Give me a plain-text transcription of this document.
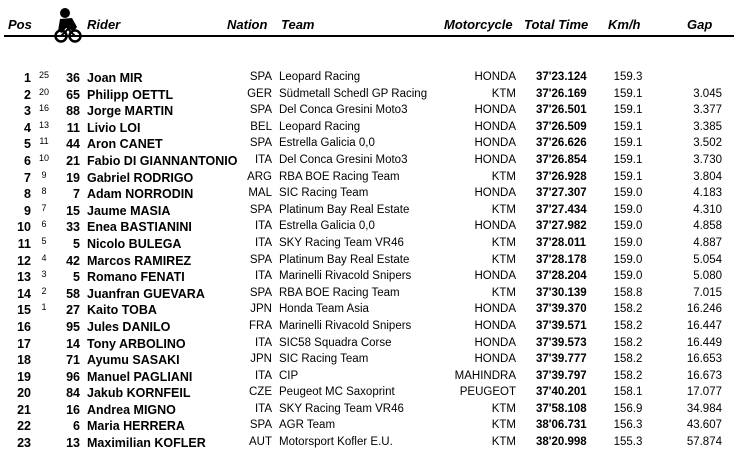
Pos	Rider	Nation Team	Motorcycle Total Time Km/h	Gap
1 25	36 Joan MIR	SPA Leopard Racing	HONDA 37'23.124	159.3
2 20	65 Philipp OETTL	GER Südmetall Schedl GP Racing	KTM 37'26.169	159.1	3.045
3 16	88 Jorge MARTIN	SPA Del Conca Gresini Moto3	HONDA 37'26.501	159.1	3.377
4 13	11 Livio LOI	BEL Leopard Racing	HONDA 37'26.509	159.1	3.385
5 11	44 Aron CANET	SPA Estrella Galicia 0,0	HONDA 37'26.626	159.1	3.502
6 10	21 Fabio DI GIANNANTONIO	ITA Del Conca Gresini Moto3	HONDA 37'26.854	159.1	3.730
7	9	19 Gabriel RODRIGO	ARG RBA BOE Racing Team	KTM 37'26.928	159.1	3.804
8	8	7 Adam NORRODIN	MAL SIC Racing Team	HONDA 37'27.307	159.0	4.183
9	7	15 Jaume MASIA	SPA Platinum Bay Real Estate	KTM 37'27.434	159.0	4.310
10	6	33 Enea BASTIANINI	ITA Estrella Galicia 0,0	HONDA 37'27.982	159.0	4.858
11	5	5 Nicolo BULEGA	ITA SKY Racing Team VR46	KTM 37'28.011	159.0	4.887
12	4	42 Marcos RAMIREZ	SPA Platinum Bay Real Estate	KTM 37'28.178	159.0	5.054
13	3	5 Romano FENATI	ITA Marinelli Rivacold Snipers	HONDA 37'28.204	159.0	5.080
14	2	58 Juanfran GUEVARA	SPA RBA BOE Racing Team	KTM 37'30.139	158.8	7.015
15	1	27 Kaito TOBA	JPN Honda Team Asia	HONDA 37'39.370	158.2	16.246
16	95 Jules DANILO	FRA Marinelli Rivacold Snipers	HONDA 37'39.571	158.2	16.447
17	14 Tony ARBOLINO	ITA SIC58 Squadra Corse	HONDA 37'39.573	158.2	16.449
18	71 Ayumu SASAKI	JPN SIC Racing Team	HONDA 37'39.777	158.2	16.653
19	96 Manuel PAGLIANI	ITA CIP	MAHINDRA 37'39.797	158.2	16.673
20	84 Jakub KORNFEIL	CZE Peugeot MC Saxoprint	PEUGEOT 37'40.201	158.1	17.077
21	16 Andrea MIGNO	ITA SKY Racing Team VR46	KTM 37'58.108	156.9	34.984
22	6 Maria HERRERA	SPA AGR Team	KTM 38'06.731	156.3	43.607
23	13 Maximilian KOFLER	AUT Motorsport Kofler E.U.	KTM 38'20.998	155.3	57.874
